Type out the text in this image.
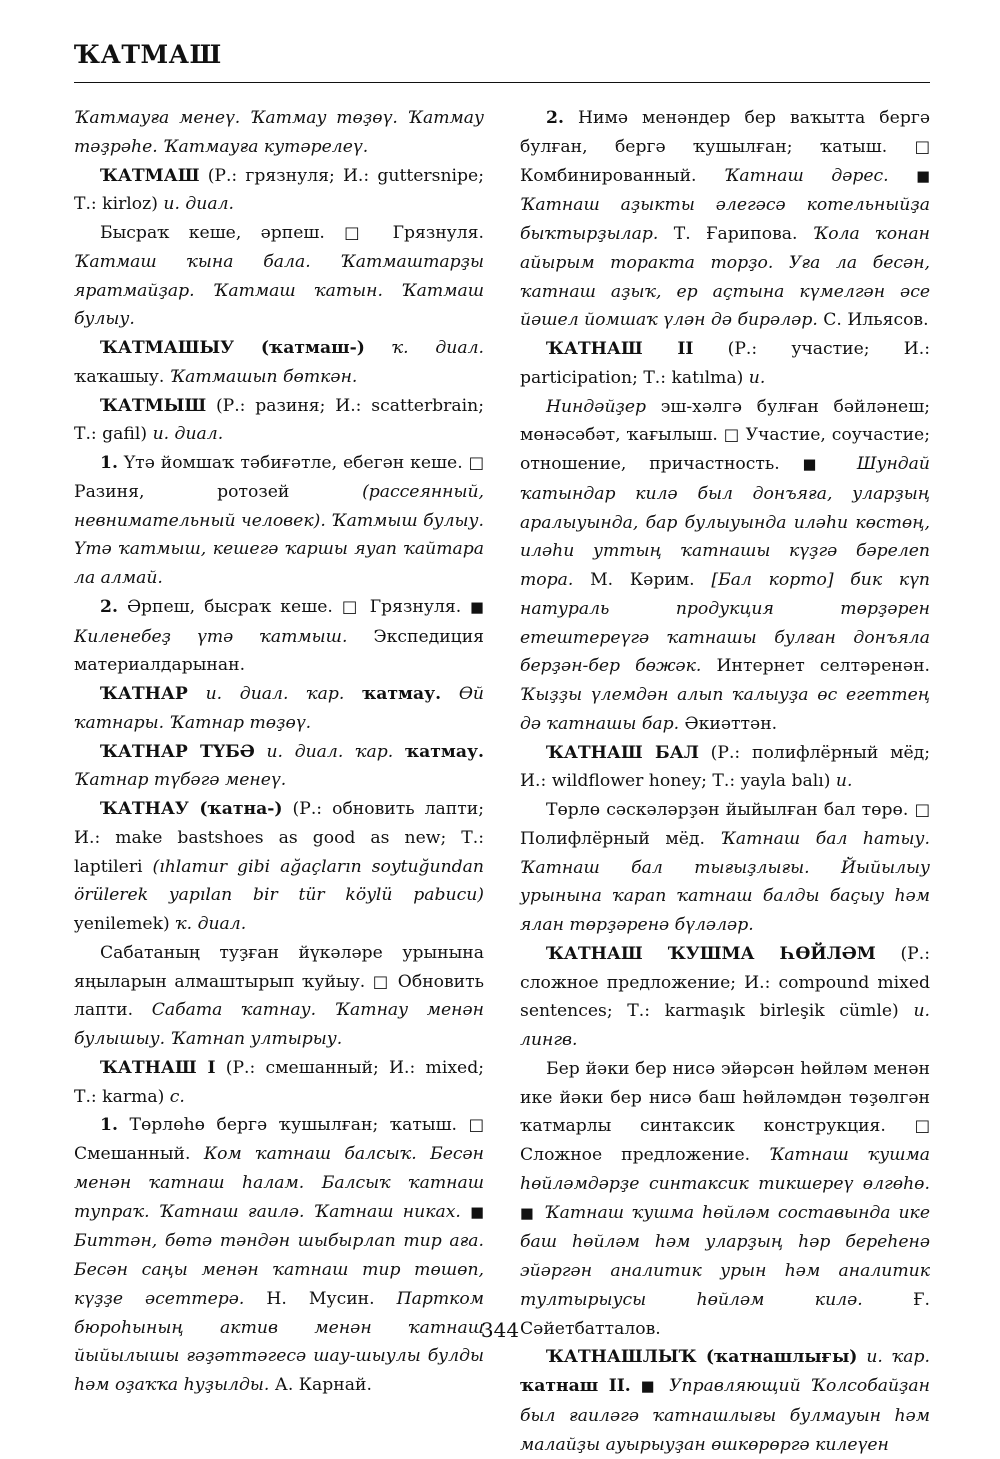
ҠАТМАШ
Ҡатмауға менеү. Ҡатмау төҙөү. Ҡатмау тәҙрәһе. Ҡатмауға кутәрелеү.
ҠАТМАШ (Р.: грязнуля; И.: guttersnipe; Т.: kirloz) и. диал.
Бысраҡ кеше, әрпеш. □ Грязнуля. Ҡатмаш ҡына бала. Ҡатмаштарҙы яратмайҙар. Ҡатмаш ҡатын. Ҡатмаш булыу.
ҠАТМАШЫУ (ҡатмаш-) ҡ. диал. ҡаҡашыу. Ҡатмашып бөткән.
ҠАТМЫШ (Р.: разиня; И.: scatterbrain; Т.: gafil) и. диал.
1. Үтә йомшаҡ тәбиғәтле, ебегән кеше. □ Разиня, ротозей (рассеянный, невнимательный человек). Ҡатмыш булыу. Үтә ҡатмыш, кешегә ҡаршы яуап ҡайтара ла алмай.
2. Әрпеш, бысраҡ кеше. □ Грязнуля. ■ Киленебеҙ үтә ҡатмыш. Экспедиция материалдарынан.
ҠАТНАР и. диал. ҡар. ҡатмау. Өй ҡатнары. Ҡатнар төҙөү.
ҠАТНАР ТҮБӘ и. диал. ҡар. ҡатмау. Ҡатнар түбәгә менеү.
ҠАТНАУ (ҡатна-) (Р.: обновить лапти; И.: make bastshoes as good as new; Т.: laptileri (ıhlamur gibi ağaçların soytuğundan örülerek yapılan bir tür köylü pabucu) yenilemek) ҡ. диал.
Сабатаның туҙған йүкәләре урынына яңыларын алмаштырып ҡуйыу. □ Обновить лапти. Сабата ҡатнау. Ҡатнау менән булышыу. Ҡатнап ултырыу.
ҠАТНАШ I (Р.: смешанный; И.: mixed; Т.: karma) с.
1. Төрлөһө бергә ҡушылған; ҡатыш. □ Смешанный. Ком ҡатнаш балсыҡ. Бесән менән ҡатнаш һалам. Балсыҡ ҡатнаш тупраҡ. Ҡатнаш ғаилә. Ҡатнаш никах. ■ Биттән, бөтә тәндән шыбырлап тир аға. Бесән саңы менән ҡатнаш тир төшөп, күҙҙе әсеттерә. Н. Мусин. Партком бюроһының актив менән ҡатнаш йыйылышы ғәҙәттәгесә шау-шыулы булды һәм оҙаҡҡа һуҙылды. А. Карнай.
2. Нимә менәндер бер ваҡытта бергә булған, бергә ҡушылған; ҡатыш. □ Комбинированный. Ҡатнаш дәрес. ■ Ҡатнаш аҙыкты әлегәсә котельныйҙа быҡтырҙылар. Т. Ғарипова. Ҡола ҡонан айырым торакта торҙо. Уға ла бесән, ҡатнаш аҙыҡ, ер аҫтына күмелгән әсе йәшел йомшаҡ үлән дә бирәләр. С. Ильясов.
ҠАТНАШ II (Р.: участие; И.: participation; Т.: katılma) и.
Ниндәйҙер эш-хәлгә булған бәйләнеш; мөнәсәбәт, ҡағылыш. □ Участие, соучастие; отношение, причастность. ■ Шундай ҡатындар килә был донъяға, уларҙың аралыуында, бар булыуында иләһи көстөң, иләһи уттың ҡатнашы күҙгә бәрелеп тора. М. Кәрим. [Бал корто] бик күп натураль продукция төрҙәрен етештереүгә ҡатнашы булған донъяла берҙән-бер бөжәк. Интернет селтәренән. Ҡыҙҙы үлемдән алып ҡалыуҙа өс егеттең дә ҡатнашы бар. Әкиәттән.
ҠАТНАШ БАЛ (Р.: полифлёрный мёд; И.: wildflower honey; Т.: yayla balı) и.
Төрлө сәскәләрҙән йыйылған бал төрө. □ Полифлёрный мёд. Ҡатнаш бал һатыу. Ҡатнаш бал тығыҙлығы. Йыйылыу урынына ҡарап ҡатнаш балды баҫыу һәм ялан төрҙәренә бүләләр.
ҠАТНАШ ҠУШМА ҺӨЙЛӘМ (Р.: сложное предложение; И.: compound mixed sentences; Т.: karmaşık birleşik cümle) и. лингв.
Бер йәки бер нисә эйәрсән һөйләм менән ике йәки бер нисә баш һөйләмдән төҙөлгән ҡатмарлы синтаксик конструкция. □ Сложное предложение. Ҡатнаш ҡушма һөйләмдәрҙе синтаксик тикшереү өлгөһө. ■ Ҡатнаш ҡушма һөйләм составында ике баш һөйләм һәм уларҙың һәр береһенә эйәргән аналитик урын һәм аналитик тултырыусы һөйләм килә. Ғ. Сәйетбатталов.
ҠАТНАШЛЫҠ (ҡатнашлығы) и. ҡар. ҡатнаш II. ■ Управляющий Ҡолсобайҙан был ғаиләгә ҡатнашлығы булмауын һәм малайҙы ауырыуҙан өшкөрөргә килеүен
344
